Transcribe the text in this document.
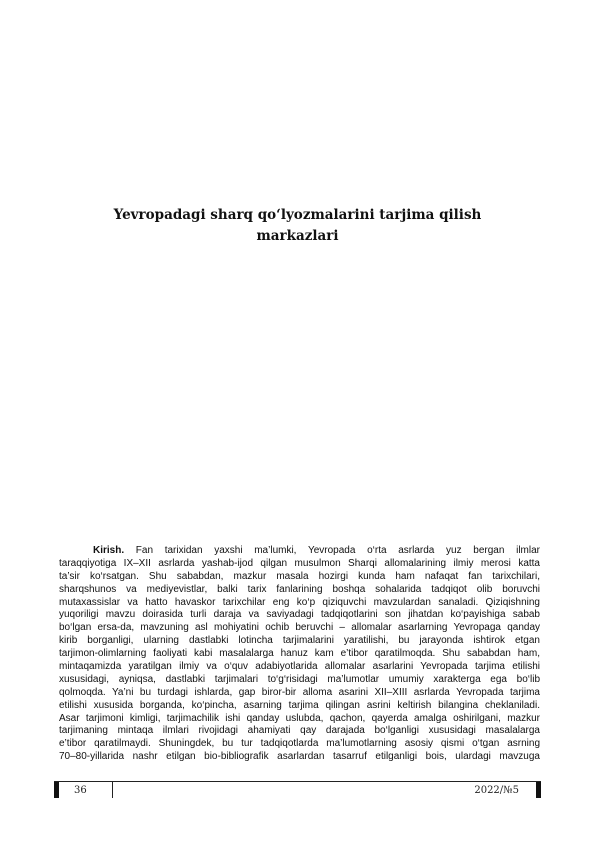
Yevropadagi sharq qo‘lyozmalarini tarjima qilish
markazlari
Kirish. Fan tarixidan yaxshi ma’lumki, Yevropada o‘rta asrlarda yuz bergan ilmlar
taraqqiyotiga IX–XII asrlarda yashab-ijod qilgan musulmon Sharqi allomalarining ilmiy merosi katta
ta’sir ko‘rsatgan. Shu sababdan, mazkur masala hozirgi kunda ham nafaqat fan tarixchilari,
sharqshunos va mediyevistlar, balki tarix fanlarining boshqa sohalarida tadqiqot olib boruvchi
mutaxassislar va hatto havaskor tarixchilar eng ko‘p qiziquvchi mavzulardan sanaladi. Qiziqishning
yuqoriligi mavzu doirasida turli daraja va saviyadagi tadqiqotlarini son jihatdan ko‘payishiga sabab
bo‘lgan ersa-da, mavzuning asl mohiyatini ochib beruvchi – allomalar asarlarning Yevropaga qanday
kirib borganligi, ularning dastlabki lotincha tarjimalarini yaratilishi, bu jarayonda ishtirok etgan
tarjimon-olimlarning faoliyati kabi masalalarga hanuz kam e’tibor qaratilmoqda. Shu sababdan ham,
mintaqamizda yaratilgan ilmiy va o‘quv adabiyotlarida allomalar asarlarini Yevropada tarjima etilishi
xususidagi, ayniqsa, dastlabki tarjimalari to‘g‘risidagi ma’lumotlar umumiy xarakterga ega bo‘lib
qolmoqda. Ya’ni bu turdagi ishlarda, gap biror-bir alloma asarini XII–XIII asrlarda Yevropada tarjima
etilishi xususida borganda, ko‘pincha, asarning tarjima qilingan asrini keltirish bilangina cheklaniladi.
Asar tarjimoni kimligi, tarjimachilik ishi qanday uslubda, qachon, qayerda amalga oshirilgani, mazkur
tarjimaning mintaqa ilmlari rivojidagi ahamiyati qay darajada bo‘lganligi xususidagi masalalarga
e’tibor qaratilmaydi. Shuningdek, bu tur tadqiqotlarda ma’lumotlarning asosiy qismi o‘tgan asrning
70–80-yillarida nashr etilgan bio-bibliografik asarlardan tasarruf etilganligi bois, ulardagi mavzuga
36	2022/№5
